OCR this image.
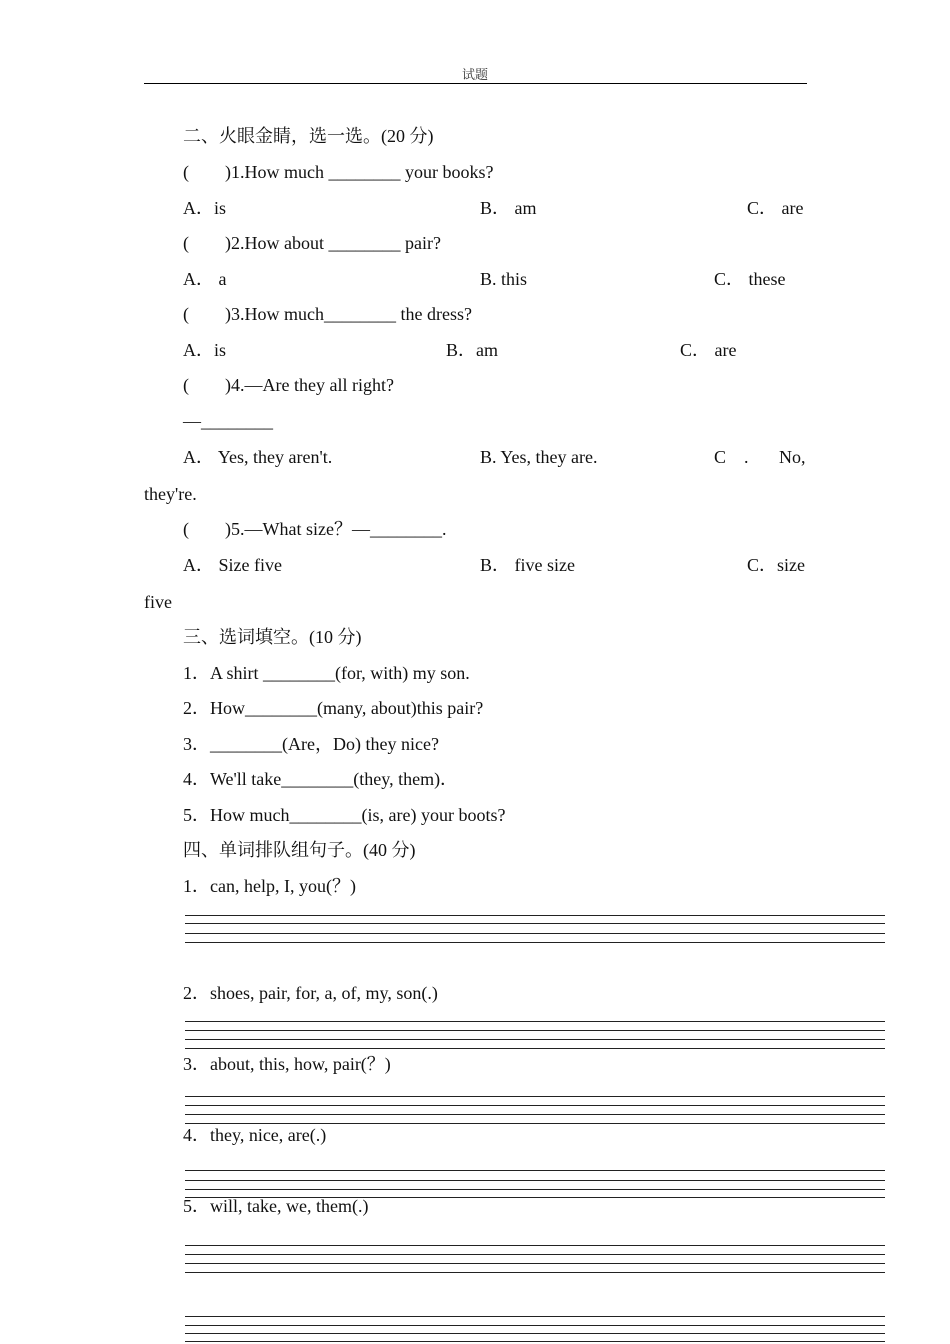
试题
二、火眼金睛，选一选。(20 分)
(　　)1.How much ________ your books?
A．is	B． am	C． are
(　　)2.How about ________ pair?
A． a	B. this	C． these
(　　)3.How much________ the dress?
A．is	B．am	C． are
(　　)4.—Are they all right?
—________
A． Yes, they aren't.	B. Yes, they are.	C . No,
they're.
(　　)5.—What size？—________.
A． Size five	B． five size	C．size
five
三、选词填空。(10 分)
1．A shirt ________(for, with) my son.
2．How________(many, about)this pair?
3．________(Are，Do) they nice?
4．We'll take________(they, them)．
5．How much________(is, are) your boots?
四、单词排队组句子。(40 分)
1．can, help, I, you(？)
2．shoes, pair, for, a, of, my, son(.)
3．about, this, how, pair(？)
4．they, nice, are(.)
5．will, take, we, them(.)
